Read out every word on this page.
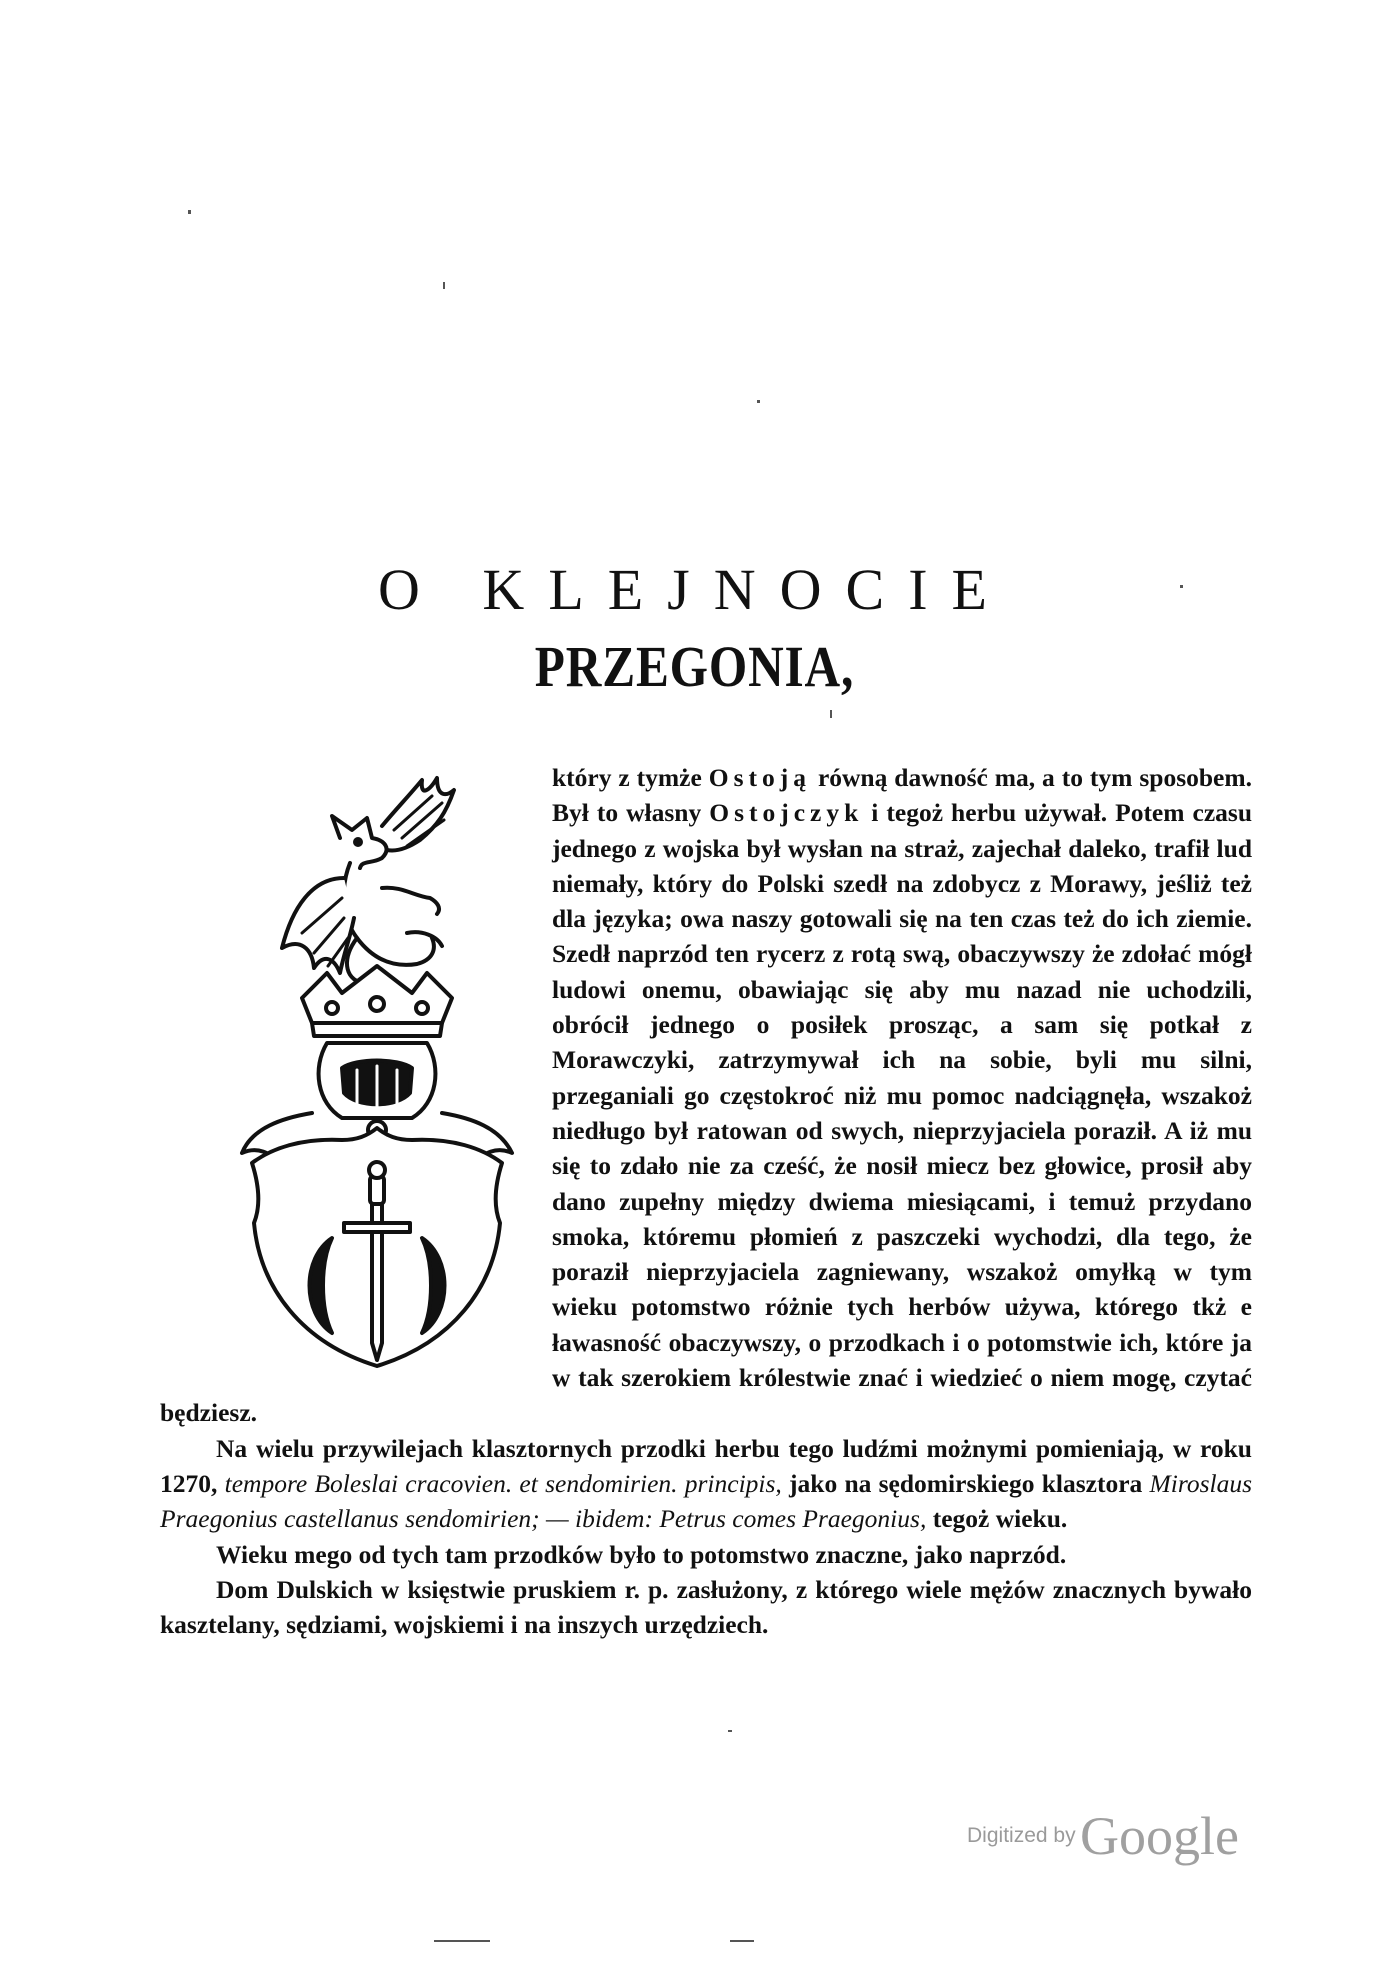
O KLEJNOCIE
PRZEGONIA,

który z tymże Ostoją równą dawność ma, a to tym sposobem. Był to własny Ostojczyk i tegoż herbu używał. Potem czasu jednego z wojska był wysłan na straż, zajechał daleko, trafił lud niemały, który do Polski szedł na zdobycz z Morawy, jeśliż też dla języka; owa naszy gotowali się na ten czas też do ich ziemie. Szedł naprzód ten rycerz z rotą swą, obaczywszy że zdołać mógł ludowi onemu, obawiając się aby mu nazad nie uchodzili, obrócił jednego o posiłek prosząc, a sam się potkał z Morawczyki, zatrzymywał ich na sobie, byli mu silni, przeganiali go częstokroć niż mu pomoc nadciągnęła, wszakoż niedługo był ratowan od swych, nieprzyjaciela poraził. A iż mu się to zdało nie za cześć, że nosił miecz bez głowice, prosił aby dano zupełny między dwiema miesiącami, i temuż przydano smoka, któremu płomień z paszczeki wychodzi, dla tego, że poraził nieprzyjaciela zagniewany, wszakoż omyłką w tym wieku potomstwo różnie tych herbów używa, którego tkż e ławasność obaczywszy, o przodkach i o potomstwie ich, które ja w tak szerokiem królestwie znać i wiedzieć o niem mogę, czytać będziesz.

Na wielu przywilejach klasztornych przodki herbu tego ludźmi możnymi pomieniają, w roku 1270, tempore Boleslai cracovien. et sendomirien. principis, jako na sędomirskiego klasztora Miroslaus Praegonius castellanus sendomirien; — ibidem: Petrus comes Praegonius, tegoż wieku.

Wieku mego od tych tam przodków było to potomstwo znaczne, jako naprzód.

Dom Dulskich w księstwie pruskiem r. p. zasłużony, z którego wiele mężów znacznych bywało kasztelany, sędziami, wojskiemi i na inszych urzędziech.

Digitized by Google
